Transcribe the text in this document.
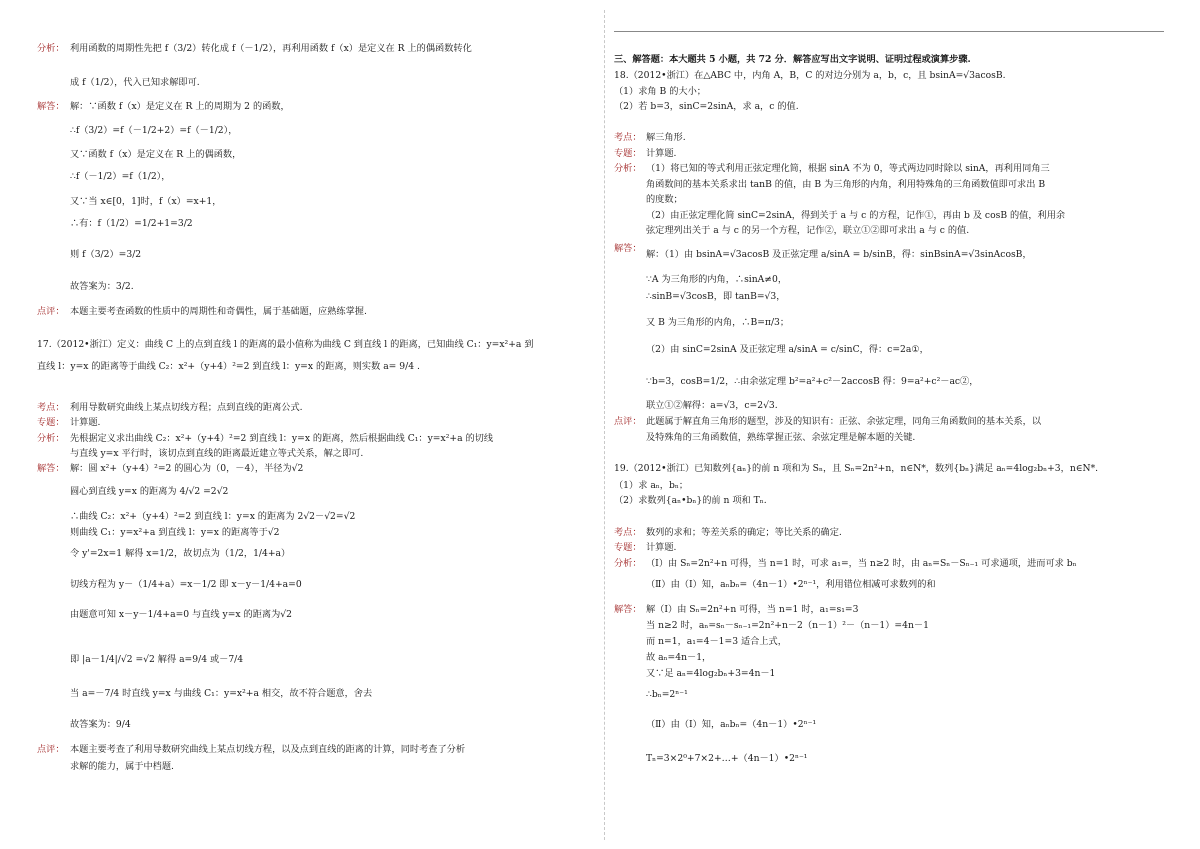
分析： 利用函数的周期性先把 f（3/2）转化成 f（－1/2），再利用函数 f（x）是定义在 R 上的偶函数转化
成 f（1/2），代入已知求解即可.
解答： 解：∵函数 f（x）是定义在 R 上的周期为 2 的函数，
∴f（3/2）=f（－1/2+2）=f（－1/2），
又∵函数 f（x）是定义在 R 上的偶函数，
∴f（－1/2）=f（1/2），
又∵当 x∈[0，1]时，f（x）=x+1，
∴有：f（1/2）=1/2+1=3/2
则 f（3/2）=3/2
故答案为：3/2.
点评： 本题主要考查函数的性质中的周期性和奇偶性，属于基础题，应熟练掌握.
17.（2012•浙江）定义：曲线 C 上的点到直线 l 的距离的最小值称为曲线 C 到直线 l 的距离，已知曲线 C₁：y=x²+a 到
直线 l：y=x 的距离等于曲线 C₂：x²+（y+4）²=2 到直线 l：y=x 的距离，则实数 a= 9/4 .
考点： 利用导数研究曲线上某点切线方程；点到直线的距离公式.
专题： 计算题.
分析： 先根据定义求出曲线 C₂：x²+（y+4）²=2 到直线 l：y=x 的距离，然后根据曲线 C₁：y=x²+a 的切线
与直线 y=x 平行时，该切点到直线的距离最近建立等式关系，解之即可.
解答： 解：圆 x²+（y+4）²=2 的圆心为（0，－4），半径为√2
圆心到直线 y=x 的距离为 4/√2 =2√2
∴曲线 C₂：x²+（y+4）²=2 到直线 l：y=x 的距离为 2√2－√2=√2
则曲线 C₁：y=x²+a 到直线 l：y=x 的距离等于√2
令 y'=2x=1 解得 x=1/2，故切点为（1/2，1/4+a）
切线方程为 y－（1/4+a）=x－1/2 即 x－y－1/4+a=0
由题意可知 x－y－1/4+a=0 与直线 y=x 的距离为√2
即 |a－1/4|/√2 =√2 解得 a=9/4 或－7/4
当 a=－7/4 时直线 y=x 与曲线 C₁：y=x²+a 相交，故不符合题意，舍去
故答案为：9/4
点评： 本题主要考查了利用导数研究曲线上某点切线方程，以及点到直线的距离的计算，同时考查了分析
求解的能力，属于中档题.
三、解答题：本大题共 5 小题，共 72 分．解答应写出文字说明、证明过程或演算步骤.
18.（2012•浙江）在△ABC 中，内角 A，B，C 的对边分别为 a，b，c，且 bsinA=√3acosB.
（1）求角 B 的大小；
（2）若 b=3，sinC=2sinA，求 a，c 的值.
考点： 解三角形.
专题： 计算题.
分析： （1）将已知的等式利用正弦定理化简，根据 sinA 不为 0，等式两边同时除以 sinA，再利用同角三
角函数间的基本关系求出 tanB 的值，由 B 为三角形的内角，利用特殊角的三角函数值即可求出 B
的度数；
（2）由正弦定理化简 sinC=2sinA，得到关于 a 与 c 的方程，记作①，再由 b 及 cosB 的值，利用余
弦定理列出关于 a 与 c 的另一个方程，记作②，联立①②即可求出 a 与 c 的值.
解答：
解：（1）由 bsinA=√3acosB 及正弦定理 a/sinA = b/sinB，得：sinBsinA=√3sinAcosB，
∵A 为三角形的内角，∴sinA≠0，
∴sinB=√3cosB，即 tanB=√3，
又 B 为三角形的内角，∴B=π/3；
（2）由 sinC=2sinA 及正弦定理 a/sinA = c/sinC，得：c=2a①，
∵b=3，cosB=1/2，∴由余弦定理 b²=a²+c²－2accosB 得：9=a²+c²－ac②，
联立①②解得：a=√3，c=2√3.
点评： 此题属于解直角三角形的题型，涉及的知识有：正弦、余弦定理，同角三角函数间的基本关系，以
及特殊角的三角函数值，熟练掌握正弦、余弦定理是解本题的关键.
19.（2012•浙江）已知数列{aₙ}的前 n 项和为 Sₙ，且 Sₙ=2n²+n，n∈N*，数列{bₙ}满足 aₙ=4log₂bₙ+3，n∈N*.
（1）求 aₙ，bₙ；
（2）求数列{aₙ•bₙ}的前 n 项和 Tₙ.
考点： 数列的求和；等差关系的确定；等比关系的确定.
专题： 计算题.
分析： （Ⅰ）由 Sₙ=2n²+n 可得，当 n=1 时，可求 a₁=，当 n≥2 时，由 aₙ=Sₙ－Sₙ₋₁ 可求通项，进而可求 bₙ
（Ⅱ）由（Ⅰ）知，aₙbₙ=（4n－1）•2ⁿ⁻¹，利用错位相减可求数列的和
解答： 解（Ⅰ）由 Sₙ=2n²+n 可得，当 n=1 时，a₁=s₁=3
当 n≥2 时，aₙ=sₙ－sₙ₋₁=2n²+n－2（n－1）²－（n－1）=4n－1
而 n=1，a₁=4－1=3 适合上式，
故 aₙ=4n－1，
又∵足 aₙ=4log₂bₙ+3=4n－1
∴bₙ=2ⁿ⁻¹
（Ⅱ）由（Ⅰ）知，aₙbₙ=（4n－1）•2ⁿ⁻¹
Tₙ=3×2⁰+7×2+…+（4n－1）•2ⁿ⁻¹
